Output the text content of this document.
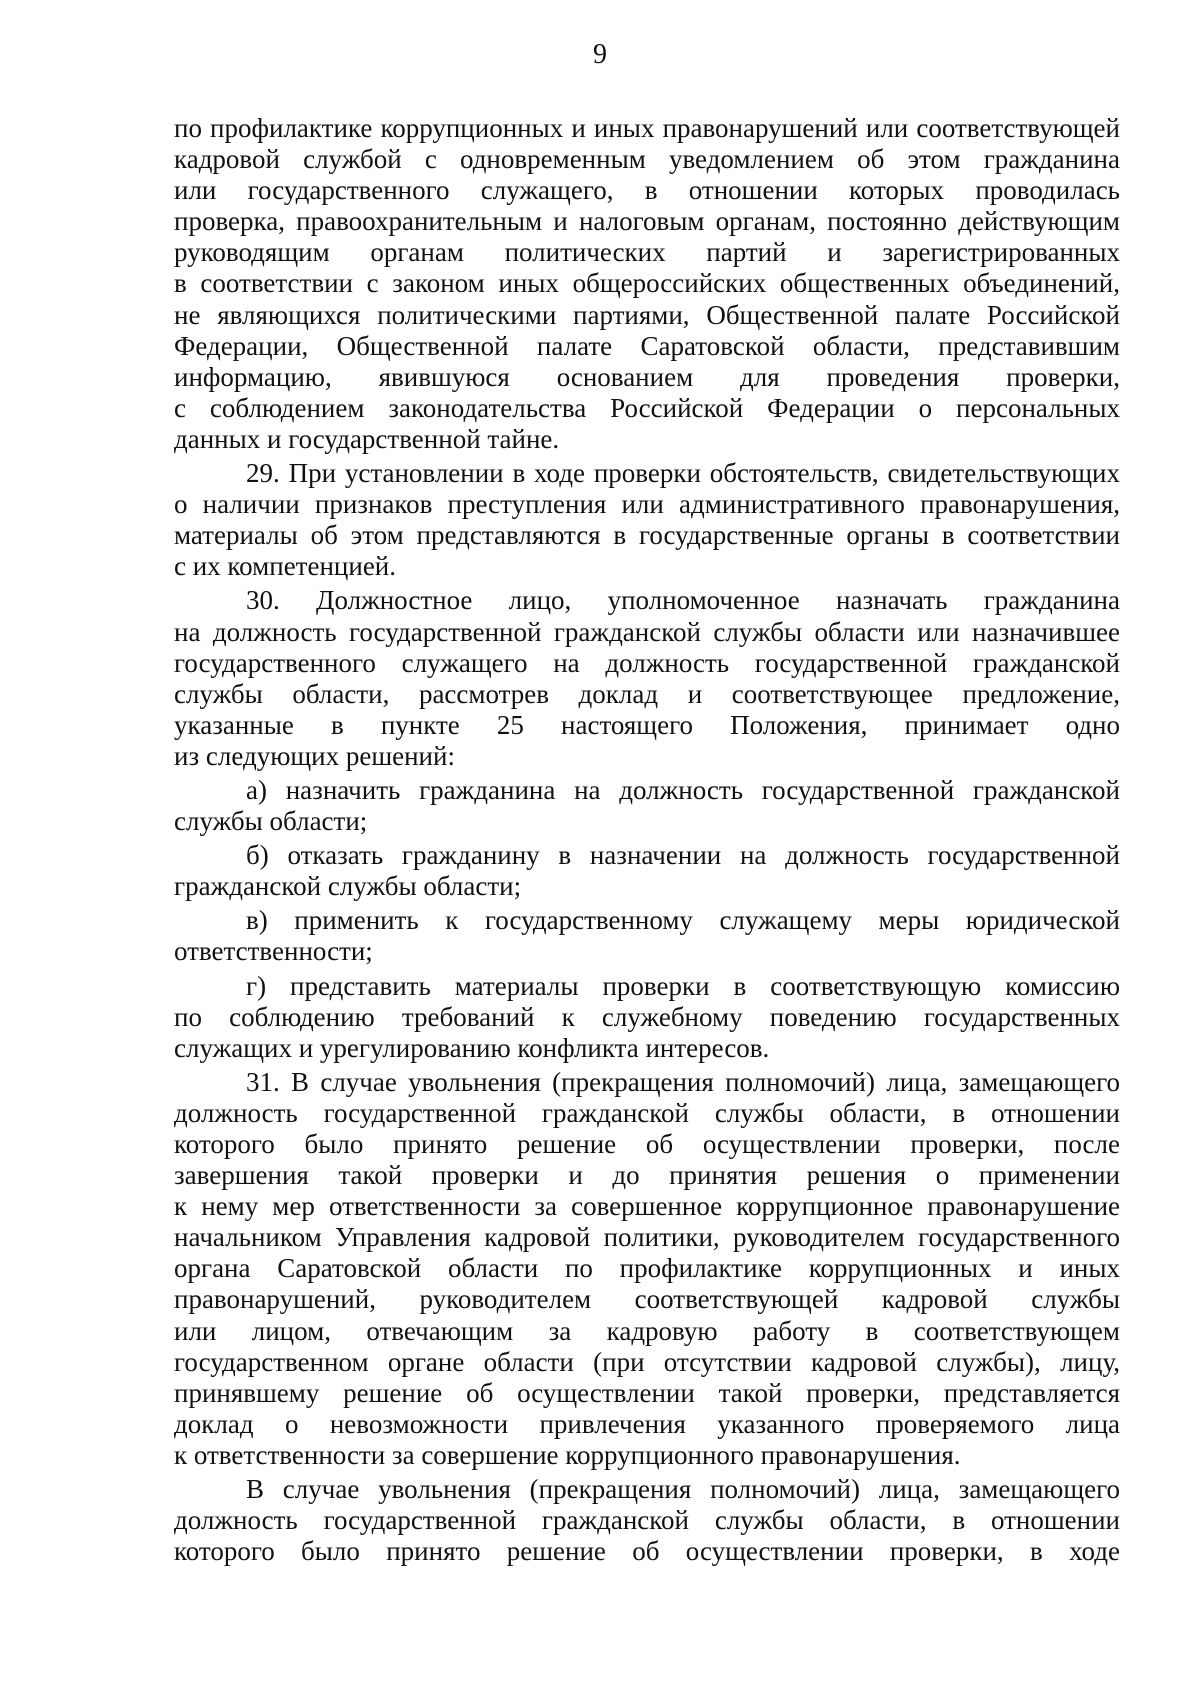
9
по профилактике коррупционных и иных правонарушений или соответствующей
кадровой службой с одновременным уведомлением об этом гражданина
или государственного служащего, в отношении которых проводилась
проверка, правоохранительным и налоговым органам, постоянно действующим
руководящим органам политических партий и зарегистрированных
в соответствии с законом иных общероссийских общественных объединений,
не являющихся политическими партиями, Общественной палате Российской
Федерации, Общественной палате Саратовской области, представившим
информацию, явившуюся основанием для проведения проверки,
с соблюдением законодательства Российской Федерации о персональных
данных и государственной тайне.
29. При установлении в ходе проверки обстоятельств, свидетельствующих
о наличии признаков преступления или административного правонарушения,
материалы об этом представляются в государственные органы в соответствии
с их компетенцией.
30. Должностное лицо, уполномоченное назначать гражданина
на должность государственной гражданской службы области или назначившее
государственного служащего на должность государственной гражданской
службы области, рассмотрев доклад и соответствующее предложение,
указанные в пункте 25 настоящего Положения, принимает одно
из следующих решений:
а) назначить гражданина на должность государственной гражданской
службы области;
б) отказать гражданину в назначении на должность государственной
гражданской службы области;
в) применить к государственному служащему меры юридической
ответственности;
г) представить материалы проверки в соответствующую комиссию
по соблюдению требований к служебному поведению государственных
служащих и урегулированию конфликта интересов.
31. В случае увольнения (прекращения полномочий) лица, замещающего
должность государственной гражданской службы области, в отношении
которого было принято решение об осуществлении проверки, после
завершения такой проверки и до принятия решения о применении
к нему мер ответственности за совершенное коррупционное правонарушение
начальником Управления кадровой политики, руководителем государственного
органа Саратовской области по профилактике коррупционных и иных
правонарушений, руководителем соответствующей кадровой службы
или лицом, отвечающим за кадровую работу в соответствующем
государственном органе области (при отсутствии кадровой службы), лицу,
принявшему решение об осуществлении такой проверки, представляется
доклад о невозможности привлечения указанного проверяемого лица
к ответственности за совершение коррупционного правонарушения.
В случае увольнения (прекращения полномочий) лица, замещающего
должность государственной гражданской службы области, в отношении
которого было принято решение об осуществлении проверки, в ходе
